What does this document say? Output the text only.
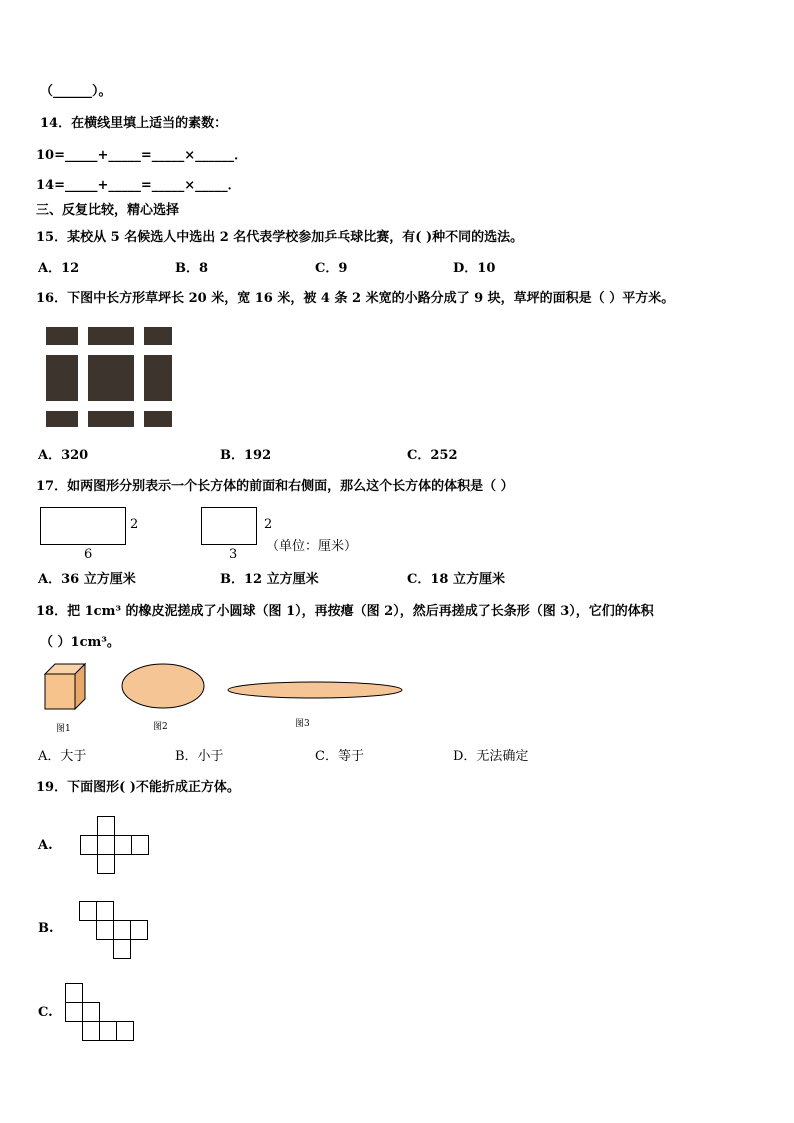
（______）。
14．在横线里填上适当的素数：
10=_____+_____=_____×______．
14=_____+_____=_____×_____．
三、反复比较，精心选择
15．某校从 5 名候选人中选出 2 名代表学校参加乒乓球比赛，有( )种不同的选法。
A．12	B．8	C．9	D．10
16．下图中长方形草坪长 20 米，宽 16 米，被 4 条 2 米宽的小路分成了 9 块，草坪的面积是（ ）平方米。
A．320	B．192	C．252
17．如两图形分别表示一个长方体的前面和右侧面，那么这个长方体的体积是（ ）
2
6
2
3
（单位：厘米）
A．36 立方厘米	B．12 立方厘米	C．18 立方厘米
18．把 1cm³ 的橡皮泥搓成了小圆球（图 1），再按瘪（图 2），然后再搓成了长条形（图 3），它们的体积
（ ）1cm³。
图1	图2	图3
A．大于	B．小于	C．等于	D．无法确定
19．下面图形( )不能折成正方体。
A.
B.
C.
